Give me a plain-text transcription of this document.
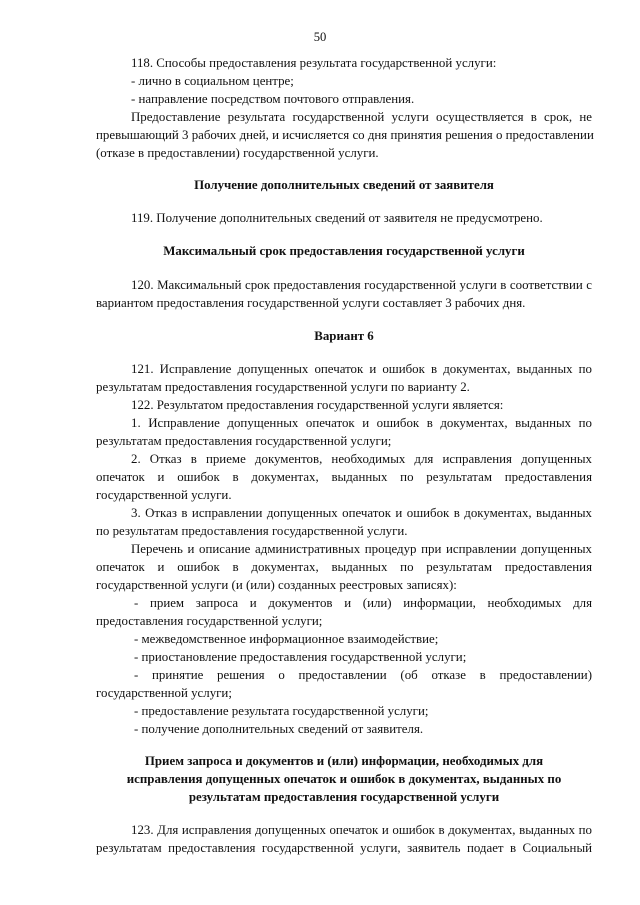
50
118. Способы предоставления результата государственной услуги:
- лично в социальном центре;
- направление посредством почтового отправления.
Предоставление результата государственной услуги осуществляется в срок, не
превышающий 3 рабочих дней, и исчисляется со дня принятия решения о предоставлении
(отказе в предоставлении) государственной услуги.
Получение дополнительных сведений от заявителя
119. Получение дополнительных сведений от заявителя не предусмотрено.
Максимальный срок предоставления государственной услуги
120. Максимальный срок предоставления государственной услуги в соответствии с
вариантом предоставления государственной услуги составляет 3 рабочих дня.
Вариант 6
121. Исправление допущенных опечаток и ошибок в документах, выданных по
результатам предоставления государственной услуги по варианту 2.
122. Результатом предоставления государственной услуги является:
1. Исправление допущенных опечаток и ошибок в документах, выданных по
результатам предоставления государственной услуги;
2. Отказ в приеме документов, необходимых для исправления допущенных
опечаток и ошибок в документах, выданных по результатам предоставления
государственной услуги.
3. Отказ в исправлении допущенных опечаток и ошибок в документах, выданных
по результатам предоставления государственной услуги.
Перечень и описание административных процедур при исправлении допущенных
опечаток и ошибок в документах, выданных по результатам предоставления
государственной услуги (и (или) созданных реестровых записях):
- прием запроса и документов и (или) информации, необходимых для
предоставления государственной услуги;
- межведомственное информационное взаимодействие;
- приостановление предоставления государственной услуги;
- принятие решения о предоставлении (об отказе в предоставлении)
государственной услуги;
- предоставление результата государственной услуги;
- получение дополнительных сведений от заявителя.
Прием запроса и документов и (или) информации, необходимых для
исправления допущенных опечаток и ошибок в документах, выданных по
результатам предоставления государственной услуги
123. Для исправления допущенных опечаток и ошибок в документах, выданных по
результатам предоставления государственной услуги, заявитель подает в Социальный
